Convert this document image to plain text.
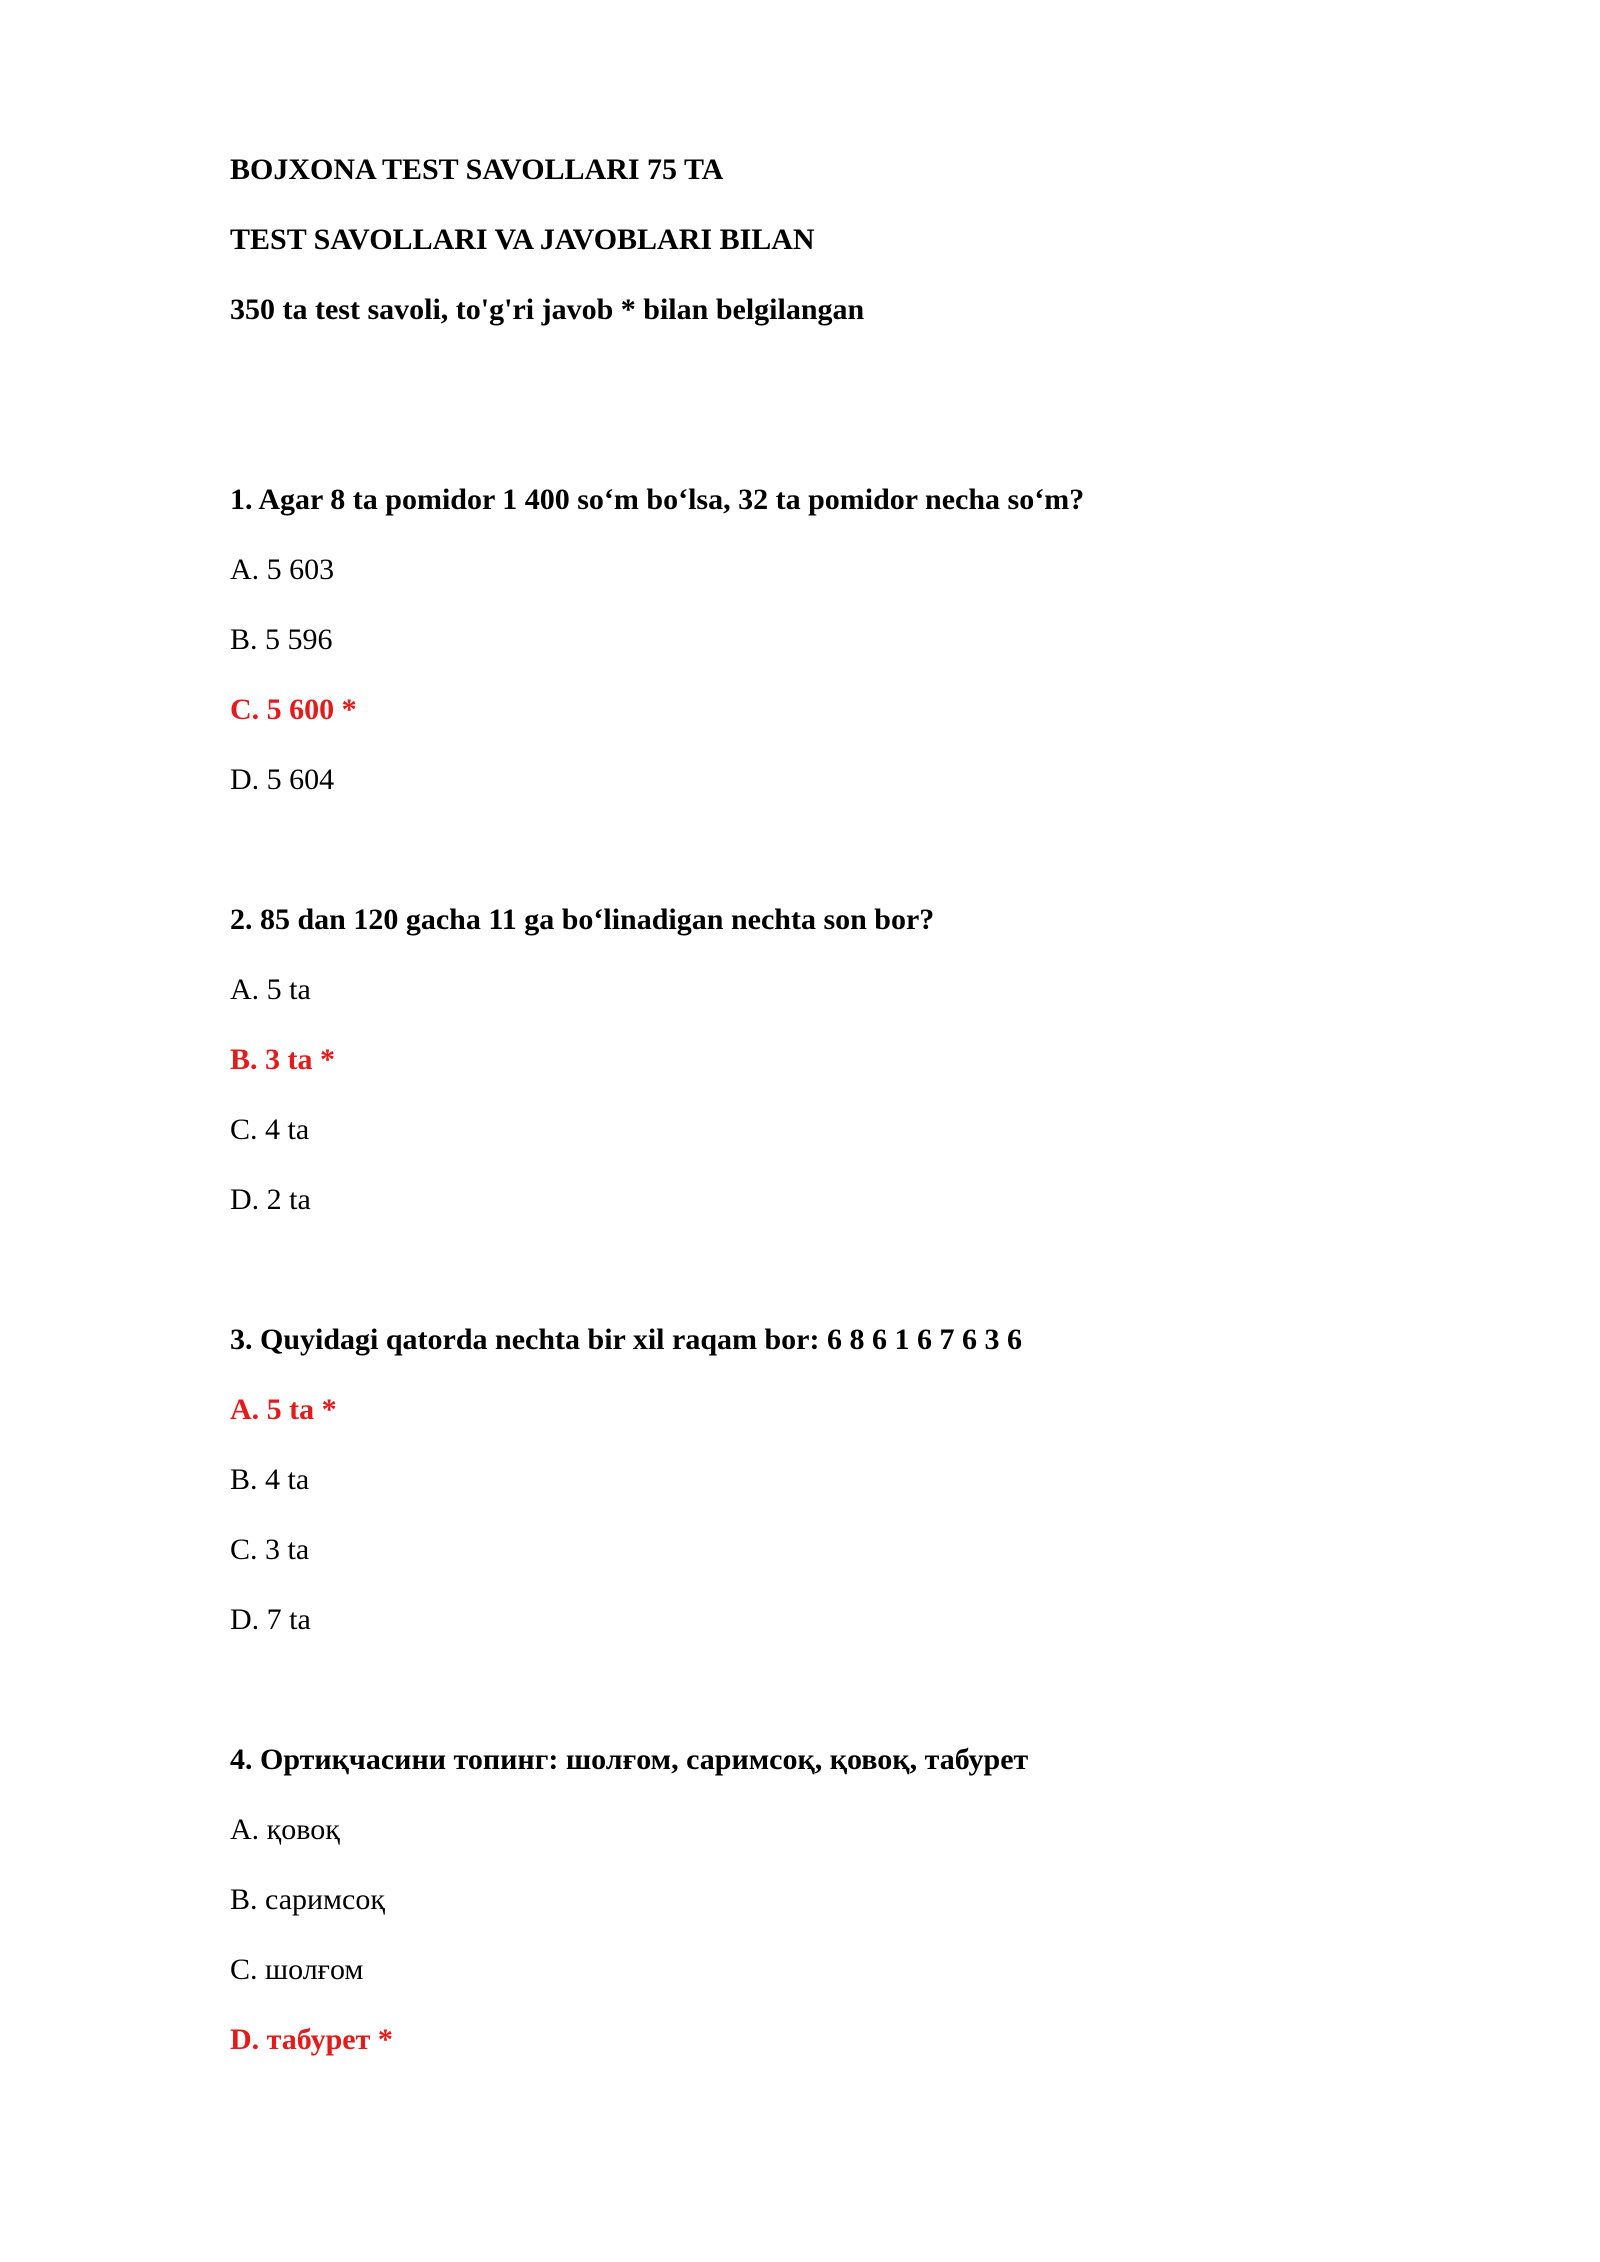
BOJXONA TEST SAVOLLARI 75 TA
TEST SAVOLLARI VA JAVOBLARI BILAN
350 ta test savoli, to'g'ri javob * bilan belgilangan
1. Agar 8 ta pomidor 1 400 so‘m bo‘lsa, 32 ta pomidor necha so‘m?
A. 5 603
B. 5 596
C. 5 600 *
D. 5 604
2. 85 dan 120 gacha 11 ga bo‘linadigan nechta son bor?
A. 5 ta
B. 3 ta *
C. 4 ta
D. 2 ta
3. Quyidagi qatorda nechta bir xil raqam bor: 6 8 6 1 6 7 6 3 6
A. 5 ta *
B. 4 ta
C. 3 ta
D. 7 ta
4. Ортиқчасини топинг: шолғом, саримсоқ, қовоқ, табурет
A. қовоқ
B. саримсоқ
C. шолғом
D. табурет *
